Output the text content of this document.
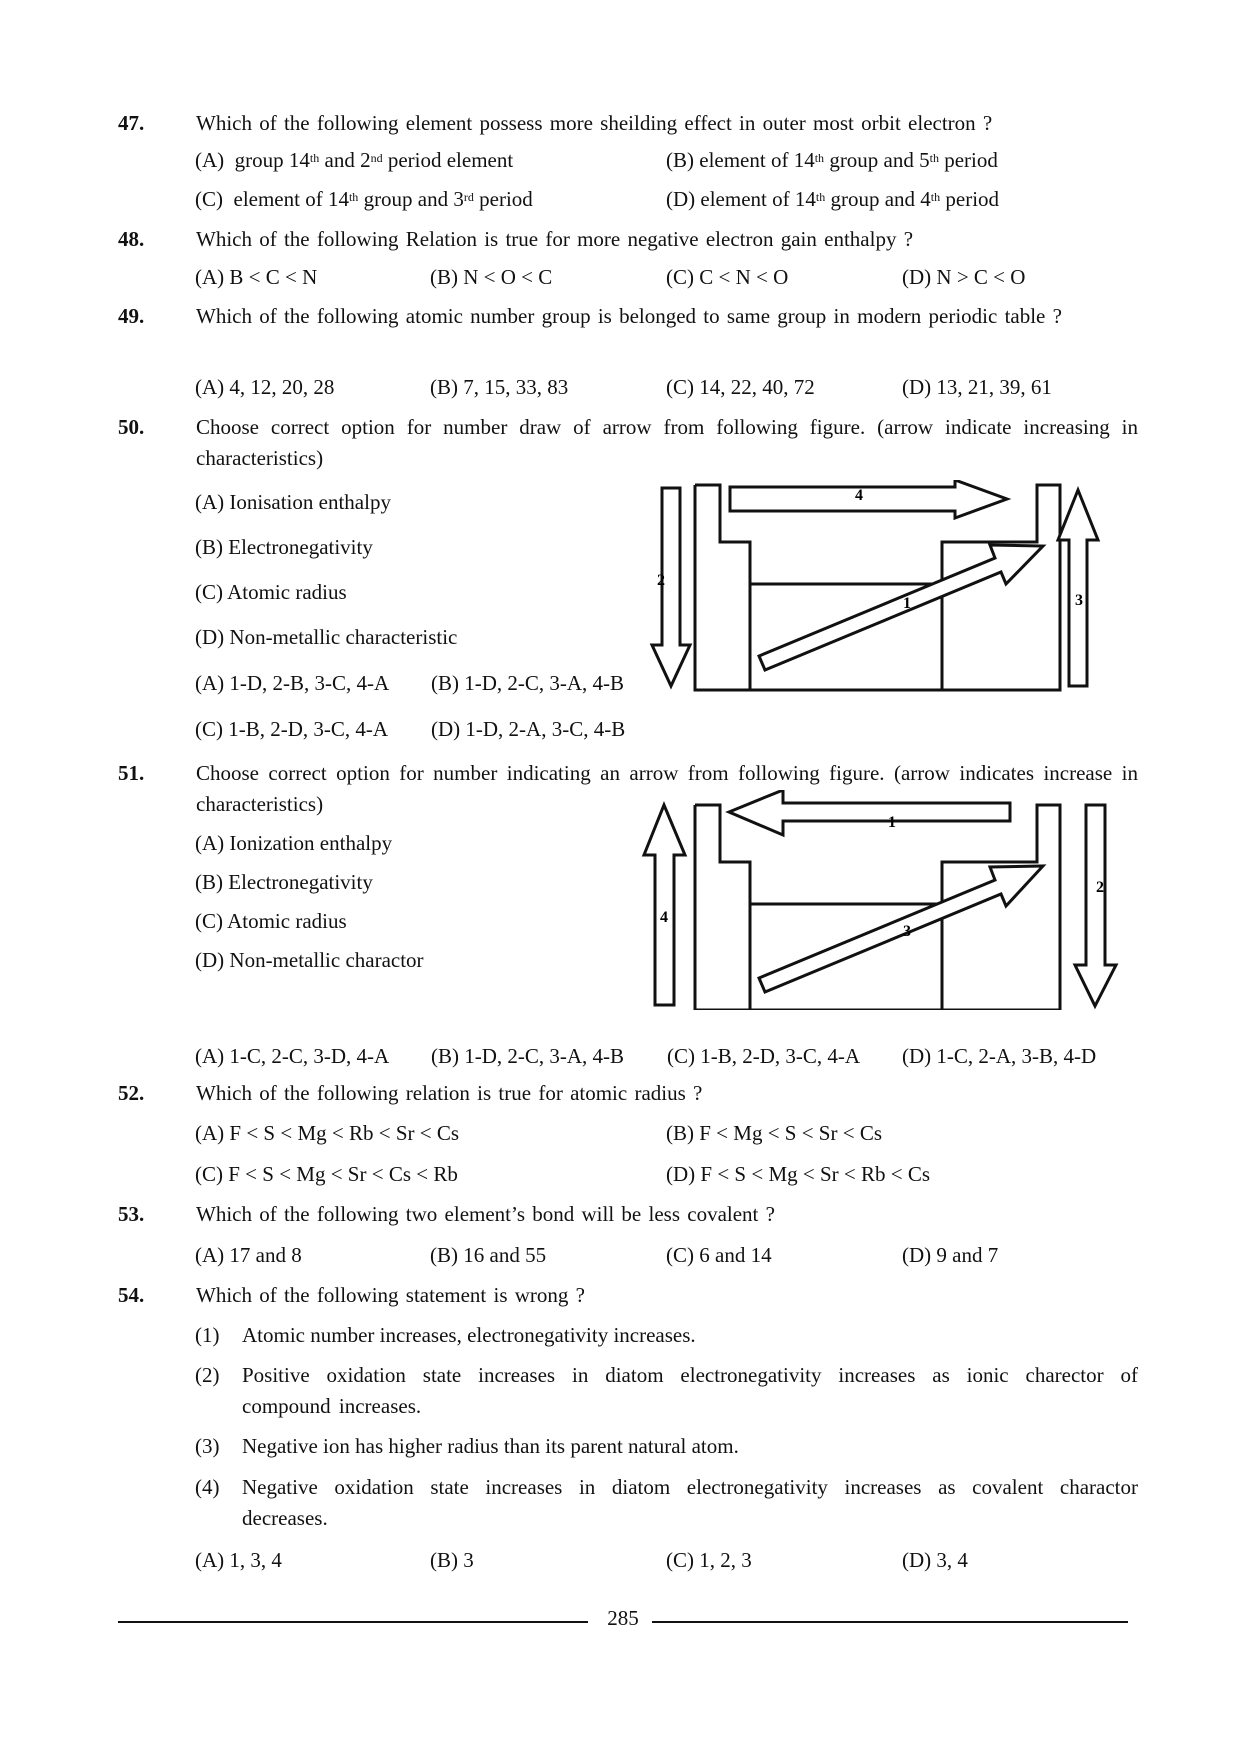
47.	Which of the following element possess more sheilding effect in outer most orbit electron ?
(A) group 14th and 2nd period element	(B) element of 14th group and 5th period
(C) element of 14th group and 3rd period	(D) element of 14th group and 4th period
48.	Which of the following Relation is true for more negative electron gain enthalpy ?
(A) B < C < N	(B) N < O < C	(C) C < N < O	(D) N > C < O
49.	Which of the following atomic number group is belonged to same group in modern periodic table ?
(A) 4, 12, 20, 28	(B) 7, 15, 33, 83	(C) 14, 22, 40, 72	(D) 13, 21, 39, 61
50.	Choose correct option for number draw of arrow from following figure. (arrow indicate increasing in characteristics)
(A) Ionisation enthalpy
(B) Electronegativity
(C) Atomic radius
(D) Non-metallic characteristic
(A) 1-D, 2-B, 3-C, 4-A (B) 1-D, 2-C, 3-A, 4-B
(C) 1-B, 2-D, 3-C, 4-A (D) 1-D, 2-A, 3-C, 4-B
4
2
3
1
51.	Choose correct option for number indicating an arrow from following figure. (arrow indicates increase in characteristics)
(A) Ionization enthalpy
(B) Electronegativity
(C) Atomic radius
(D) Non-metallic charactor
1
4
2
3
(A) 1-C, 2-C, 3-D, 4-A (B) 1-D, 2-C, 3-A, 4-B (C) 1-B, 2-D, 3-C, 4-A (D) 1-C, 2-A, 3-B, 4-D
52.	Which of the following relation is true for atomic radius ?
(A) F < S < Mg < Rb < Sr < Cs	(B) F < Mg < S < Sr < Cs
(C) F < S < Mg < Sr < Cs < Rb	(D) F < S < Mg < Sr < Rb < Cs
53.	Which of the following two element’s bond will be less covalent ?
(A) 17 and 8	(B) 16 and 55	(C) 6 and 14	(D) 9 and 7
54.	Which of the following statement is wrong ?
(1) Atomic number increases, electronegativity increases.
(2) Positive oxidation state increases in diatom electronegativity increases as ionic charector of compound increases.
(3) Negative ion has higher radius than its parent natural atom.
(4) Negative oxidation state increases in diatom electronegativity increases as covalent charactor decreases.
(A) 1, 3, 4	(B) 3	(C) 1, 2, 3	(D) 3, 4
285
